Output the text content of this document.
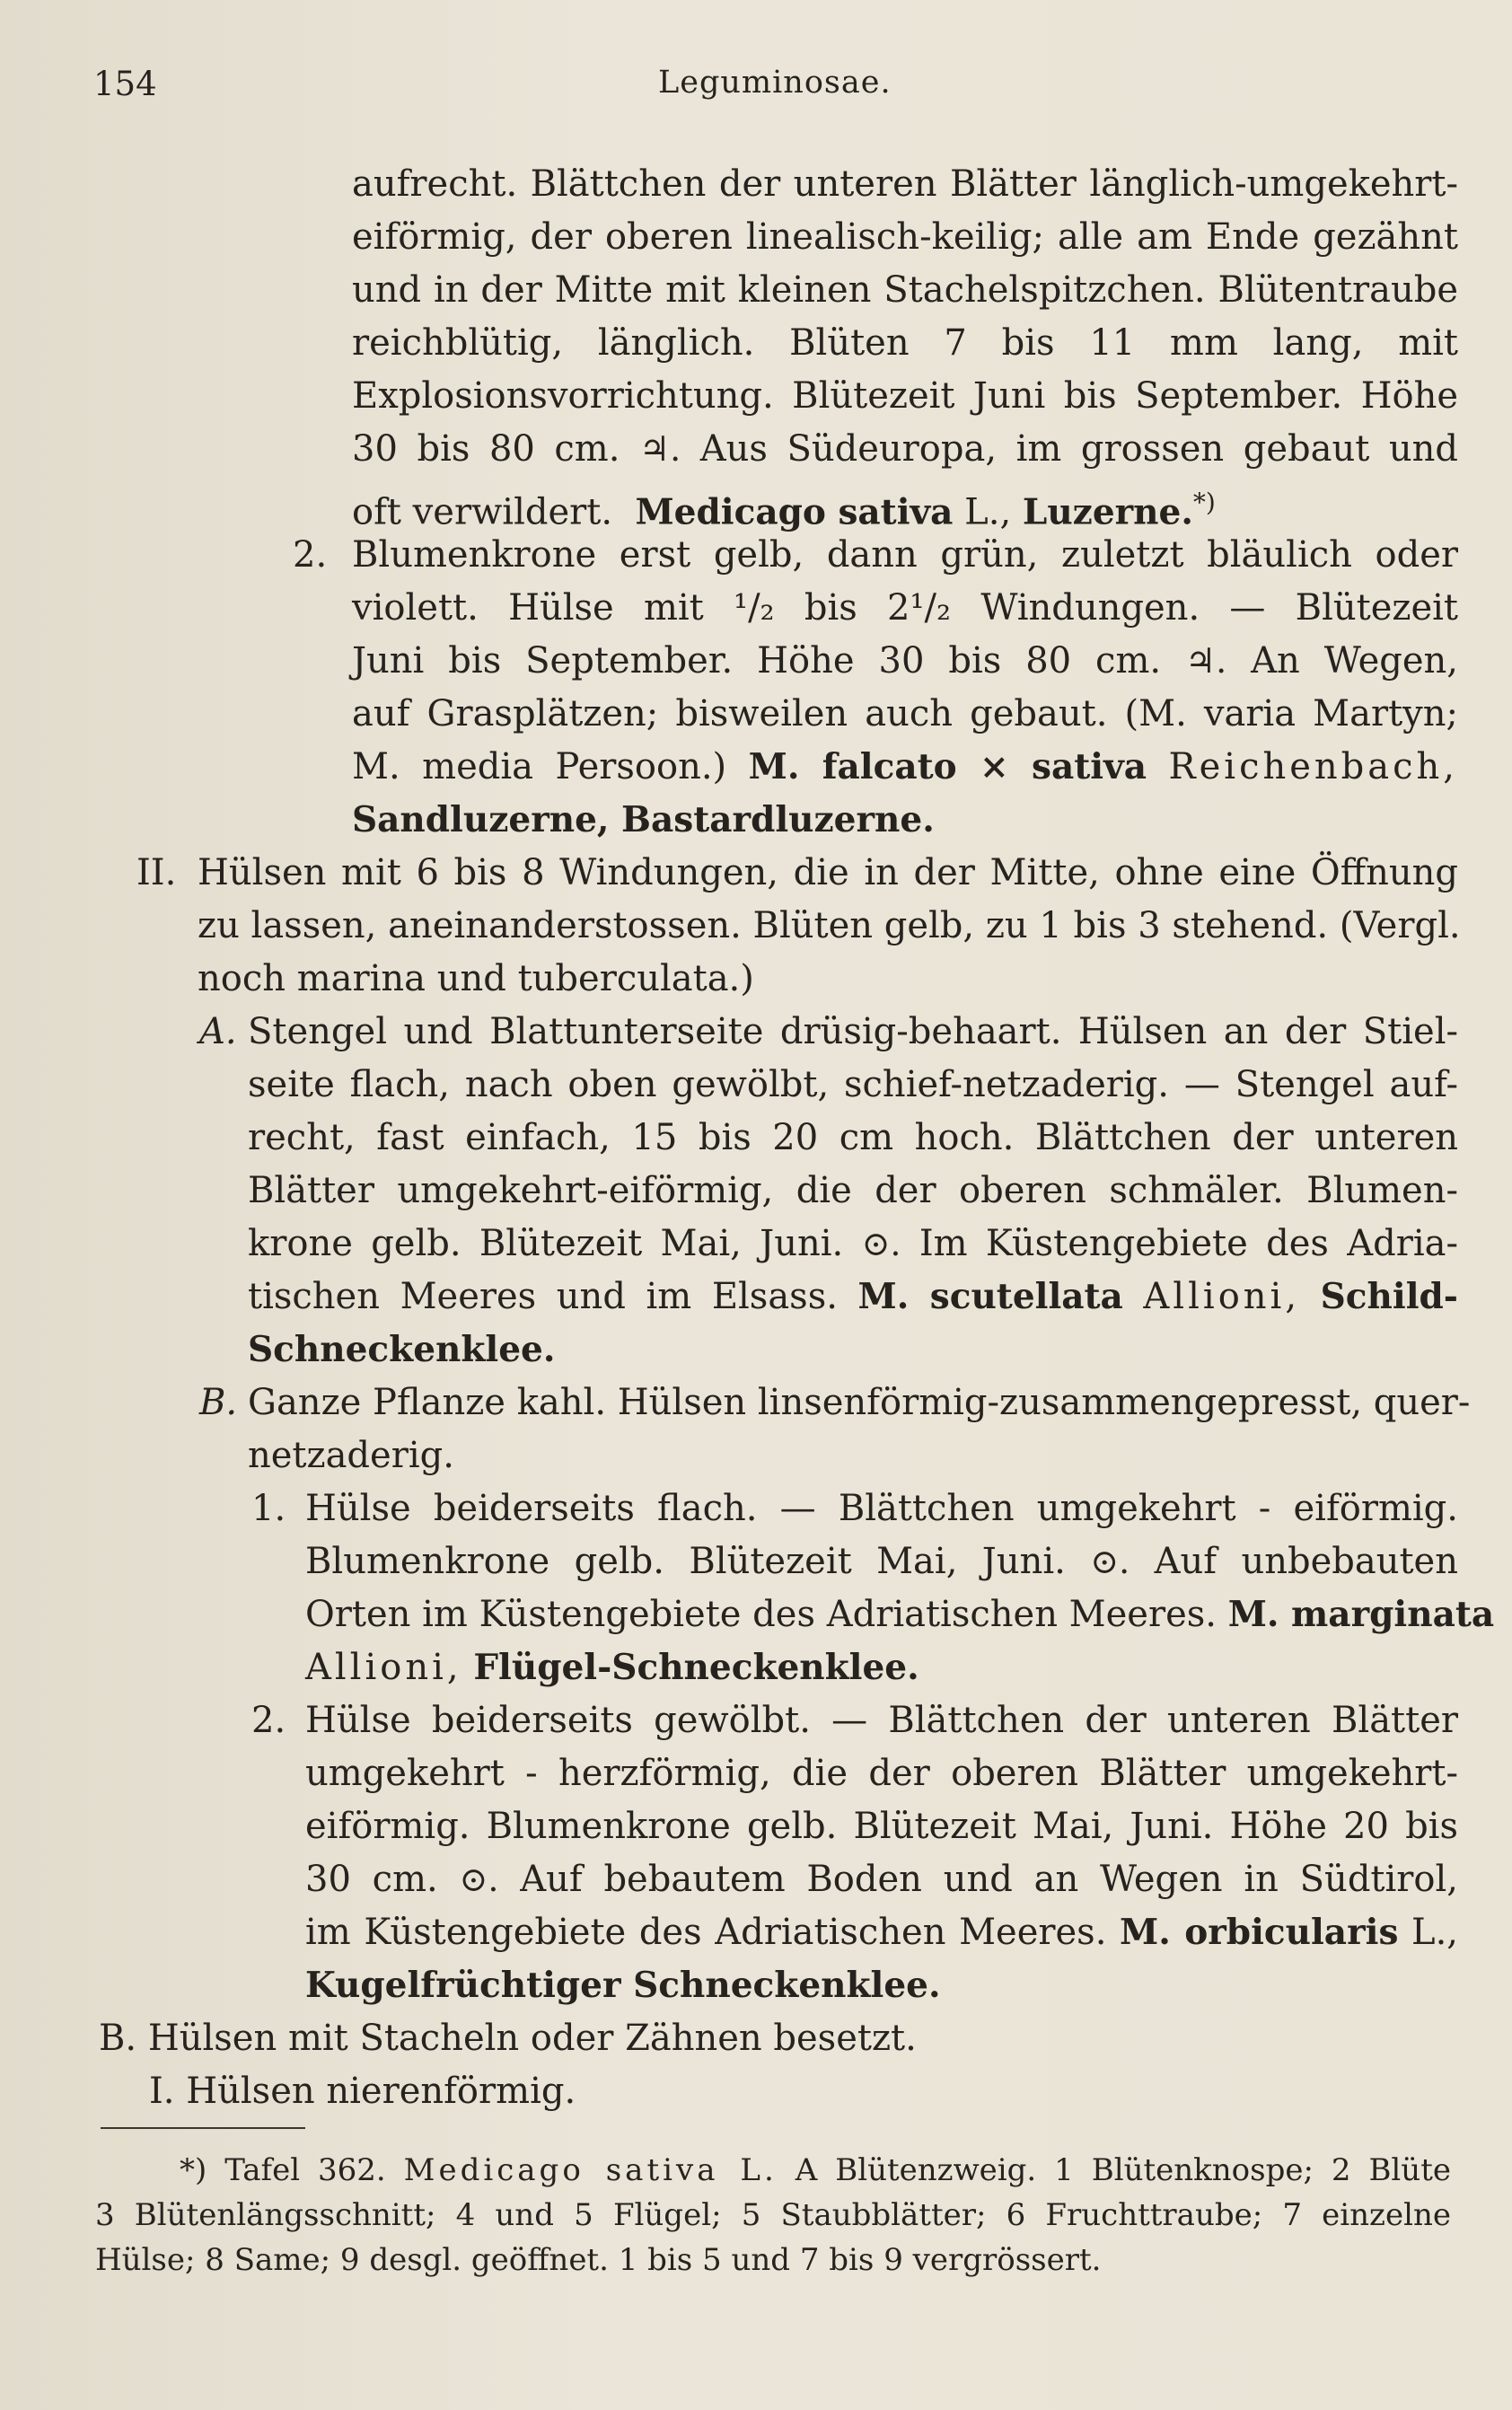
154	Leguminosae.
aufrecht. Blättchen der unteren Blätter länglich-umgekehrt-
eiförmig, der oberen linealisch-keilig; alle am Ende gezähnt
und in der Mitte mit kleinen Stachelspitzchen. Blütentraube
reichblütig, länglich. Blüten 7 bis 11 mm lang, mit
Explosionsvorrichtung. Blütezeit Juni bis September. Höhe
30 bis 80 cm. ♃. Aus Südeuropa, im grossen gebaut und
oft verwildert. Medicago sativa L., Luzerne.*)
2. Blumenkrone erst gelb, dann grün, zuletzt bläulich oder
violett. Hülse mit ¹/₂ bis 2¹/₂ Windungen. — Blütezeit
Juni bis September. Höhe 30 bis 80 cm. ♃. An Wegen,
auf Grasplätzen; bisweilen auch gebaut. (M. varia Martyn;
M. media Persoon.) M. falcato × sativa Reichenbach,
Sandluzerne, Bastardluzerne.
II. Hülsen mit 6 bis 8 Windungen, die in der Mitte, ohne eine Öffnung
zu lassen, aneinanderstossen. Blüten gelb, zu 1 bis 3 stehend. (Vergl.
noch marina und tuberculata.)
A. Stengel und Blattunterseite drüsig-behaart. Hülsen an der Stiel-
seite flach, nach oben gewölbt, schief-netzaderig. — Stengel auf-
recht, fast einfach, 15 bis 20 cm hoch. Blättchen der unteren
Blätter umgekehrt-eiförmig, die der oberen schmäler. Blumen-
krone gelb. Blütezeit Mai, Juni. ⊙. Im Küstengebiete des Adria-
tischen Meeres und im Elsass. M. scutellata Allioni, Schild-
Schneckenklee.
B. Ganze Pflanze kahl. Hülsen linsenförmig-zusammengepresst, quer-
netzaderig.
1. Hülse beiderseits flach. — Blättchen umgekehrt - eiförmig.
Blumenkrone gelb. Blütezeit Mai, Juni. ⊙. Auf unbebauten
Orten im Küstengebiete des Adriatischen Meeres. M. marginata
Allioni, Flügel-Schneckenklee.
2. Hülse beiderseits gewölbt. — Blättchen der unteren Blätter
umgekehrt - herzförmig, die der oberen Blätter umgekehrt-
eiförmig. Blumenkrone gelb. Blütezeit Mai, Juni. Höhe 20 bis
30 cm. ⊙. Auf bebautem Boden und an Wegen in Südtirol,
im Küstengebiete des Adriatischen Meeres. M. orbicularis L.,
Kugelfrüchtiger Schneckenklee.
B. Hülsen mit Stacheln oder Zähnen besetzt.
I. Hülsen nierenförmig.
*) Tafel 362. Medicago sativa L. A Blütenzweig. 1 Blütenknospe; 2 Blüte
3 Blütenlängsschnitt; 4 und 5 Flügel; 5 Staubblätter; 6 Fruchttraube; 7 einzelne
Hülse; 8 Same; 9 desgl. geöffnet. 1 bis 5 und 7 bis 9 vergrössert.
